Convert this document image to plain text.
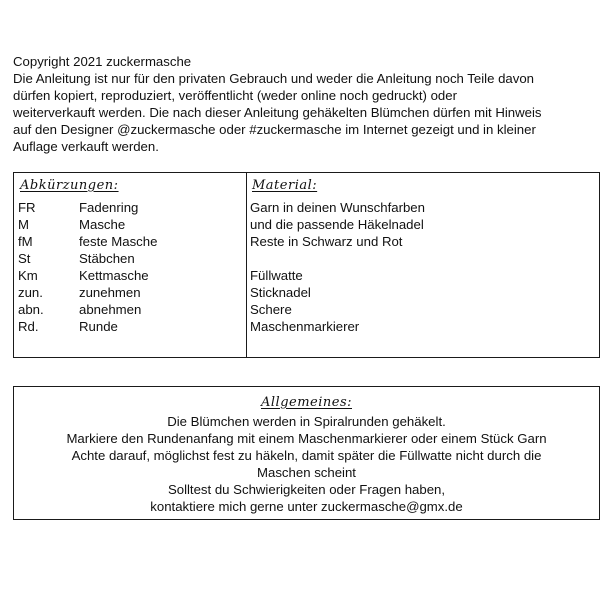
Copyright 2021 zuckermasche
Die Anleitung ist nur für den privaten Gebrauch und weder die Anleitung noch Teile davon
dürfen kopiert, reproduziert, veröffentlicht (weder online noch gedruckt) oder
weiterverkauft werden. Die nach dieser Anleitung gehäkelten Blümchen dürfen mit Hinweis
auf den Designer @zuckermasche oder #zuckermasche im Internet gezeigt und in kleiner
Auflage verkauft werden.
Abkürzungen:
FR	Fadenring
M	Masche
fM	feste Masche
St	Stäbchen
Km	Kettmasche
zun.	zunehmen
abn.	abnehmen
Rd.	Runde
Material:
Garn in deinen Wunschfarben
und die passende Häkelnadel
Reste in Schwarz und Rot
Füllwatte
Sticknadel
Schere
Maschenmarkierer
Allgemeines:
Die Blümchen werden in Spiralrunden gehäkelt.
Markiere den Rundenanfang mit einem Maschenmarkierer oder einem Stück Garn
Achte darauf, möglichst fest zu häkeln, damit später die Füllwatte nicht durch die
Maschen scheint
Solltest du Schwierigkeiten oder Fragen haben,
kontaktiere mich gerne unter zuckermasche@gmx.de
